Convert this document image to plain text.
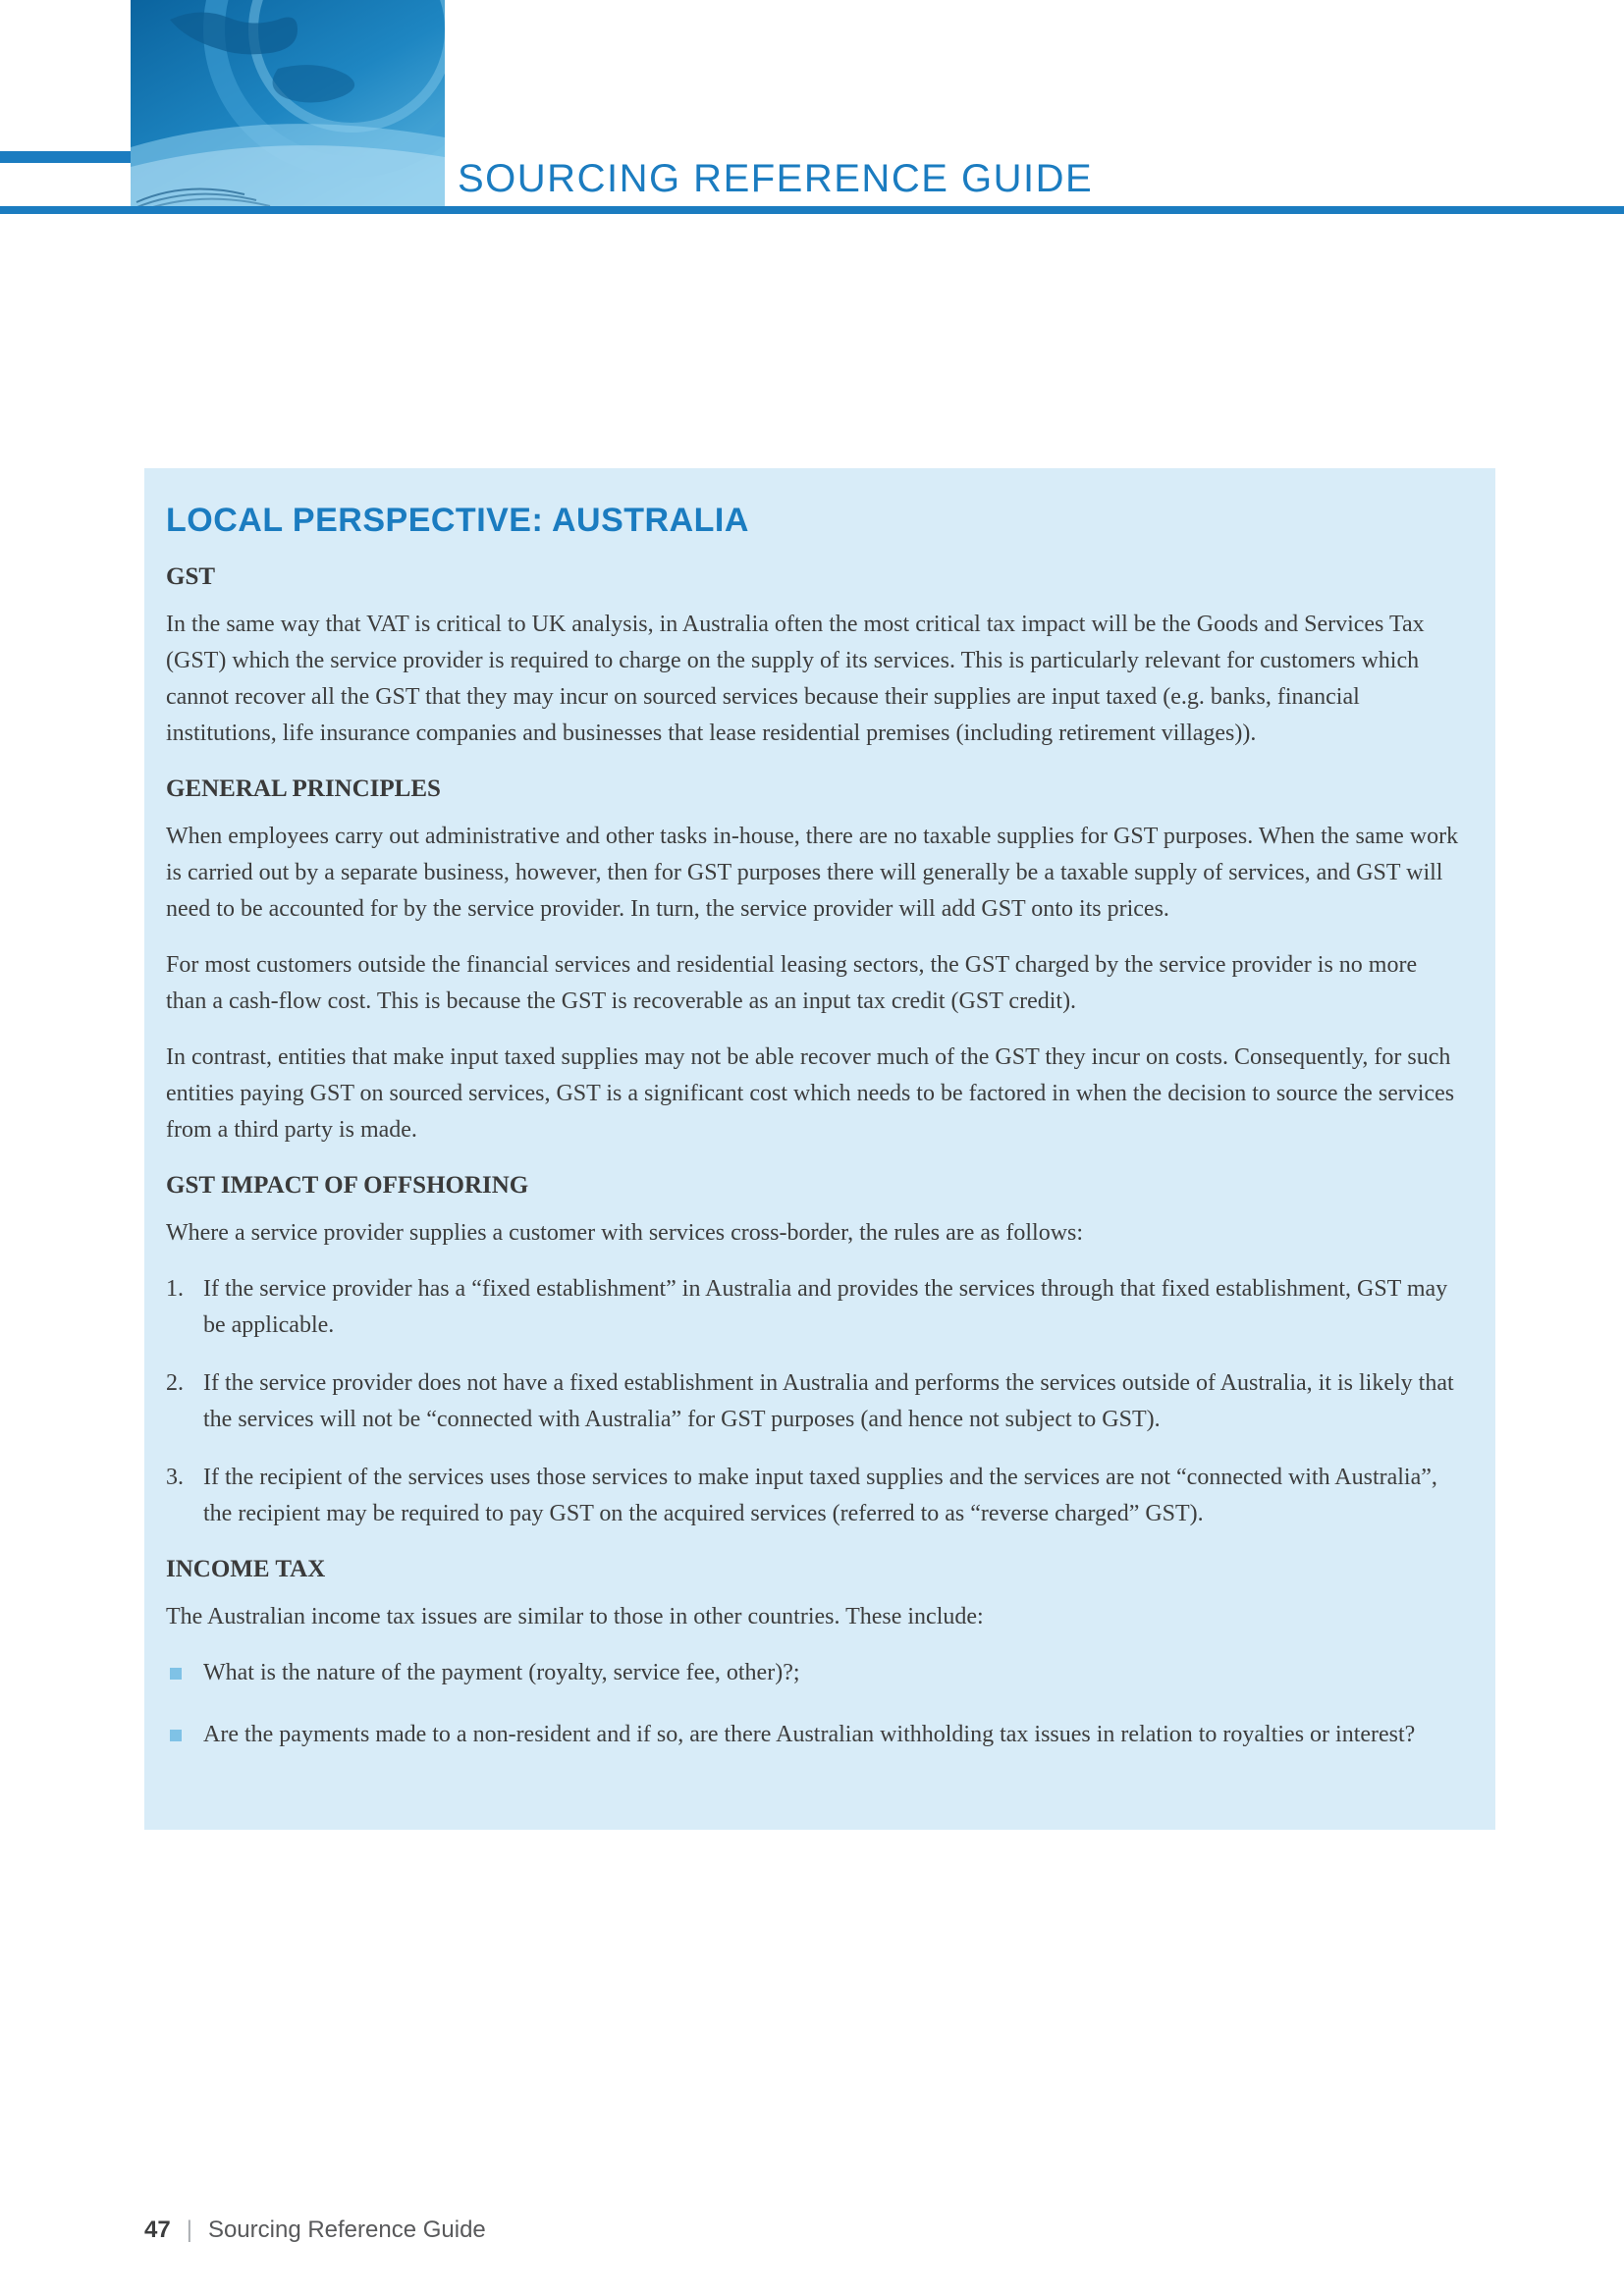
SOURCING REFERENCE GUIDE
LOCAL PERSPECTIVE: AUSTRALIA
GST

In the same way that VAT is critical to UK analysis, in Australia often the most critical tax impact will be the Goods and Services Tax (GST) which the service provider is required to charge on the supply of its services. This is particularly relevant for customers which cannot recover all the GST that they may incur on sourced services because their supplies are input taxed (e.g. banks, financial institutions, life insurance companies and businesses that lease residential premises (including retirement villages)).

GENERAL PRINCIPLES

When employees carry out administrative and other tasks in-house, there are no taxable supplies for GST purposes. When the same work is carried out by a separate business, however, then for GST purposes there will generally be a taxable supply of services, and GST will need to be accounted for by the service provider. In turn, the service provider will add GST onto its prices.

For most customers outside the financial services and residential leasing sectors, the GST charged by the service provider is no more than a cash-flow cost. This is because the GST is recoverable as an input tax credit (GST credit).

In contrast, entities that make input taxed supplies may not be able recover much of the GST they incur on costs. Consequently, for such entities paying GST on sourced services, GST is a significant cost which needs to be factored in when the decision to source the services from a third party is made.

GST IMPACT OF OFFSHORING

Where a service provider supplies a customer with services cross-border, the rules are as follows:

1. If the service provider has a “fixed establishment” in Australia and provides the services through that fixed establishment, GST may be applicable.
2. If the service provider does not have a fixed establishment in Australia and performs the services outside of Australia, it is likely that the services will not be “connected with Australia” for GST purposes (and hence not subject to GST).
3. If the recipient of the services uses those services to make input taxed supplies and the services are not “connected with Australia”, the recipient may be required to pay GST on the acquired services (referred to as “reverse charged” GST).
INCOME TAX

The Australian income tax issues are similar to those in other countries. These include:

What is the nature of the payment (royalty, service fee, other)?;
Are the payments made to a non-resident and if so, are there Australian withholding tax issues in relation to royalties or interest?
47 | Sourcing Reference Guide
